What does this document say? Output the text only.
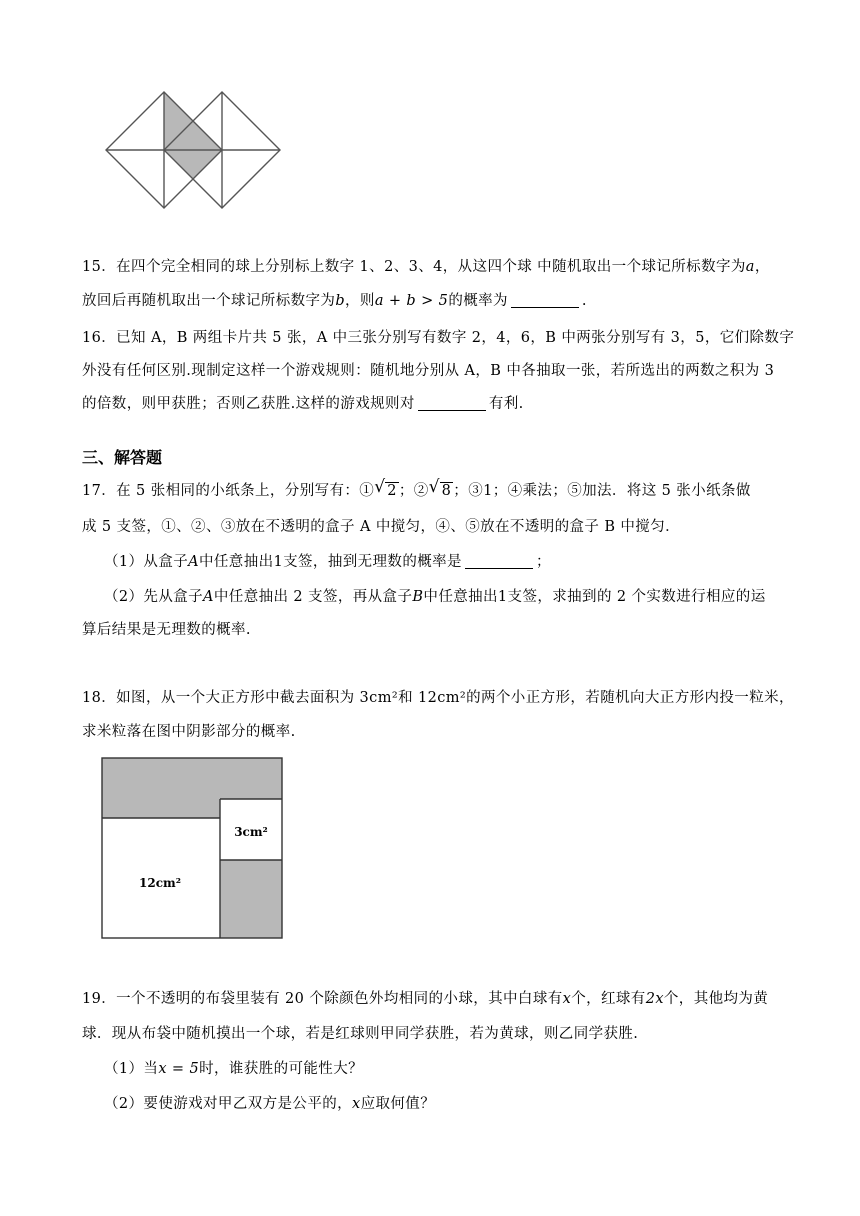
15．在四个完全相同的球上分别标上数字 1、2、3、4，从这四个球 中随机取出一个球记所标数字为a，
放回后再随机取出一个球记所标数字为b，则a + b > 5的概率为	.
16．已知 A，B 两组卡片共 5 张，A 中三张分别写有数字 2，4，6，B 中两张分别写有 3，5，它们除数字
外没有任何区别.现制定这样一个游戏规则：随机地分别从 A，B 中各抽取一张，若所选出的两数之积为 3
的倍数，则甲获胜；否则乙获胜.这样的游戏规则对	有利.
三、解答题
17．在 5 张相同的小纸条上，分别写有：① √ 2 ；② √ 8 ；③1；④乘法；⑤加法．将这 5 张小纸条做
成 5 支签，①、②、③放在不透明的盒子 A 中搅匀，④、⑤放在不透明的盒子 B 中搅匀．
（1）从盒子A中任意抽出1支签，抽到无理数的概率是	；
（2）先从盒子A中任意抽出 2 支签，再从盒子B中任意抽出1支签，求抽到的 2 个实数进行相应的运
算后结果是无理数的概率.
18．如图，从一个大正方形中截去面积为 3cm²和 12cm²的两个小正方形，若随机向大正方形内投一粒米，
求米粒落在图中阴影部分的概率.
3cm²
12cm²
19．一个不透明的布袋里装有 20 个除颜色外均相同的小球，其中白球有x个，红球有2x个，其他均为黄
球．现从布袋中随机摸出一个球，若是红球则甲同学获胜，若为黄球，则乙同学获胜.
（1）当x = 5时，谁获胜的可能性大？
（2）要使游戏对甲乙双方是公平的，x应取何值？
